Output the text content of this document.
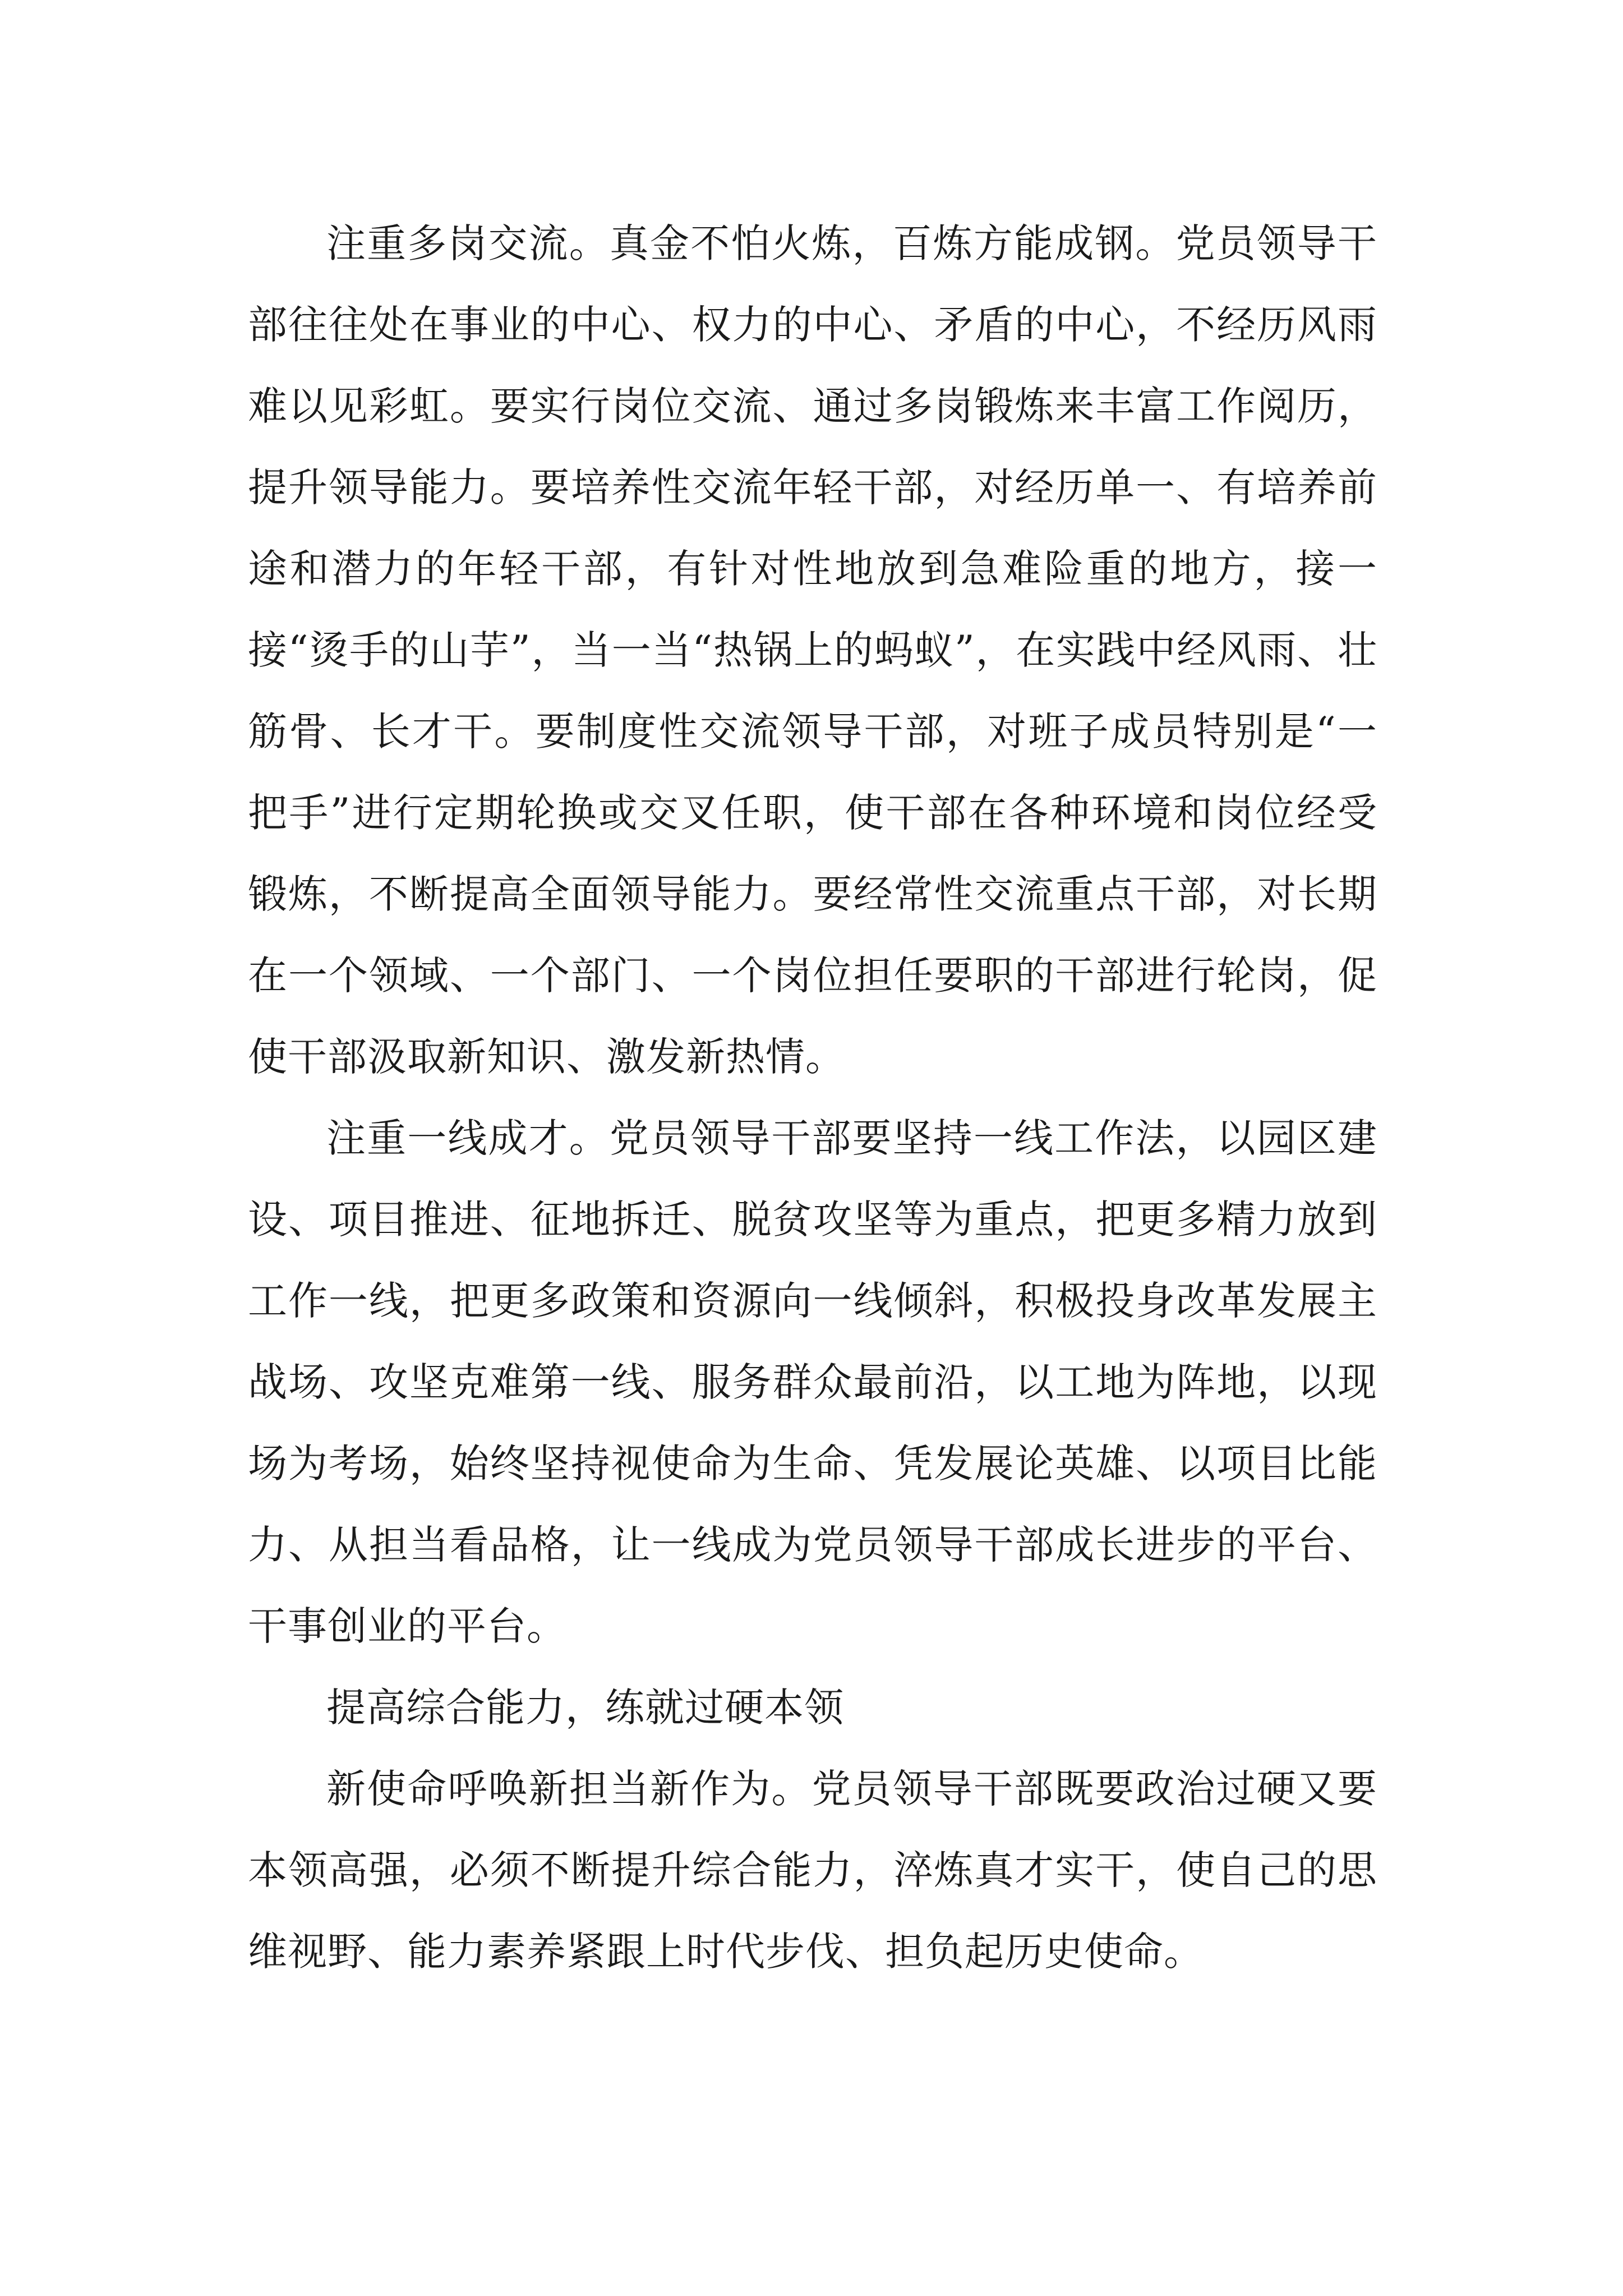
注重多岗交流。真金不怕火炼，百炼方能成钢。党员领导干部往往处在事业的中心、权力的中心、矛盾的中心，不经历风雨难以见彩虹。要实行岗位交流、通过多岗锻炼来丰富工作阅历，提升领导能力。要培养性交流年轻干部，对经历单一、有培养前途和潜力的年轻干部，有针对性地放到急难险重的地方，接一接“烫手的山芋”，当一当“热锅上的蚂蚁”，在实践中经风雨、壮筋骨、长才干。要制度性交流领导干部，对班子成员特别是“一把手”进行定期轮换或交叉任职，使干部在各种环境和岗位经受锻炼，不断提高全面领导能力。要经常性交流重点干部，对长期在一个领域、一个部门、一个岗位担任要职的干部进行轮岗，促使干部汲取新知识、激发新热情。

注重一线成才。党员领导干部要坚持一线工作法，以园区建设、项目推进、征地拆迁、脱贫攻坚等为重点，把更多精力放到工作一线，把更多政策和资源向一线倾斜，积极投身改革发展主战场、攻坚克难第一线、服务群众最前沿，以工地为阵地，以现场为考场，始终坚持视使命为生命、凭发展论英雄、以项目比能力、从担当看品格，让一线成为党员领导干部成长进步的平台、干事创业的平台。

提高综合能力，练就过硬本领

新使命呼唤新担当新作为。党员领导干部既要政治过硬又要本领高强，必须不断提升综合能力，淬炼真才实干，使自己的思维视野、能力素养紧跟上时代步伐、担负起历史使命。
